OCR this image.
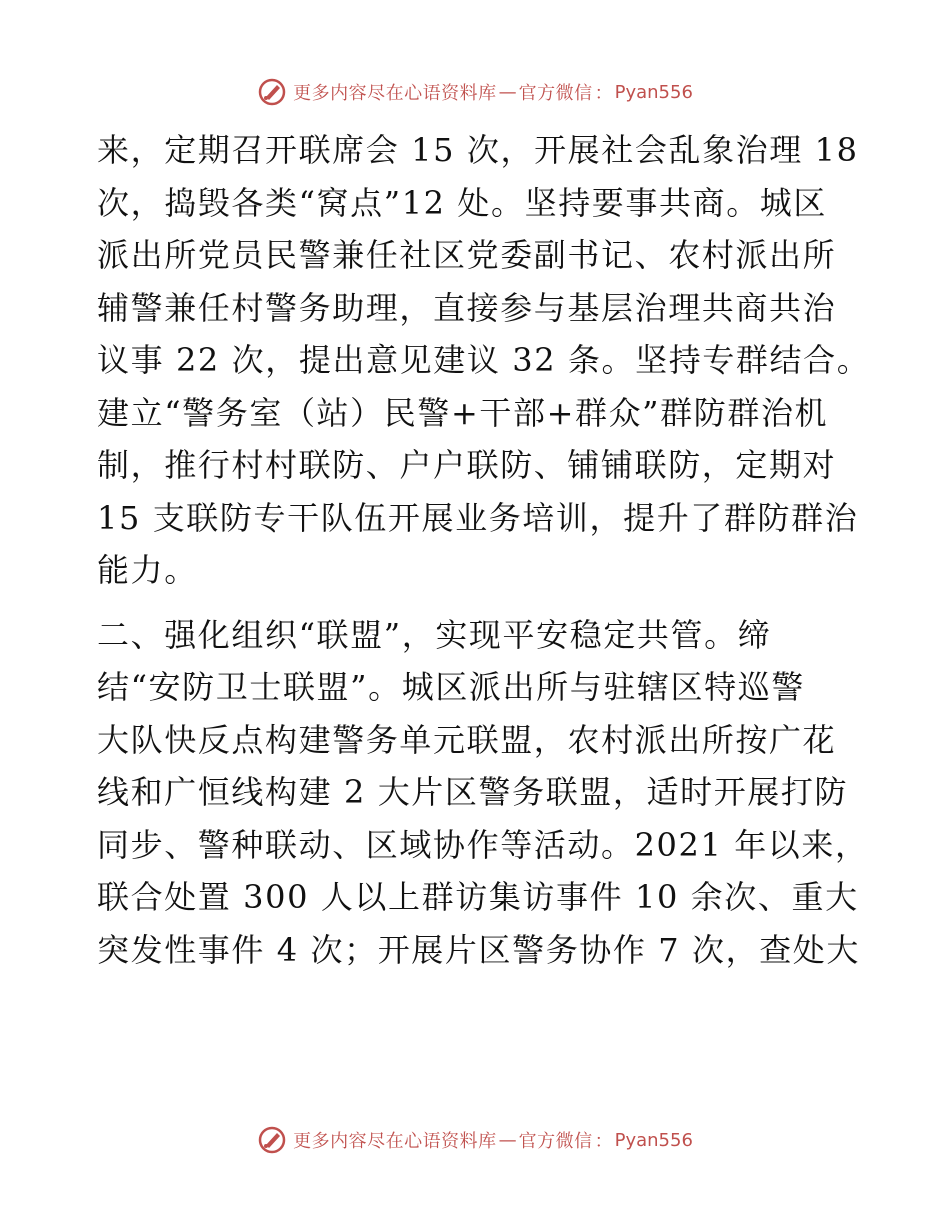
更多内容尽在心语资料库 — 官方微信 ： Pyan556

来，定期召开联席会 15 次，开展社会乱象治理 18
次，捣毁各类“窝点”12 处。坚持要事共商。城区
派出所党员民警兼任社区党委副书记、农村派出所
辅警兼任村警务助理，直接参与基层治理共商共治
议事 22 次，提出意见建议 32 条。坚持专群结合。
建立“警务室（站）民警+干部+群众”群防群治机
制，推行村村联防、户户联防、铺铺联防，定期对
15 支联防专干队伍开展业务培训，提升了群防群治
能力。

二、强化组织“联盟”，实现平安稳定共管。缔
结“安防卫士联盟”。城区派出所与驻辖区特巡警
大队快反点构建警务单元联盟，农村派出所按广花
线和广恒线构建 2 大片区警务联盟，适时开展打防
同步、警种联动、区域协作等活动。2021 年以来，
联合处置 300 人以上群访集访事件 10 余次、重大
突发性事件 4 次；开展片区警务协作 7 次，查处大

更多内容尽在心语资料库 — 官方微信 ： Pyan556
